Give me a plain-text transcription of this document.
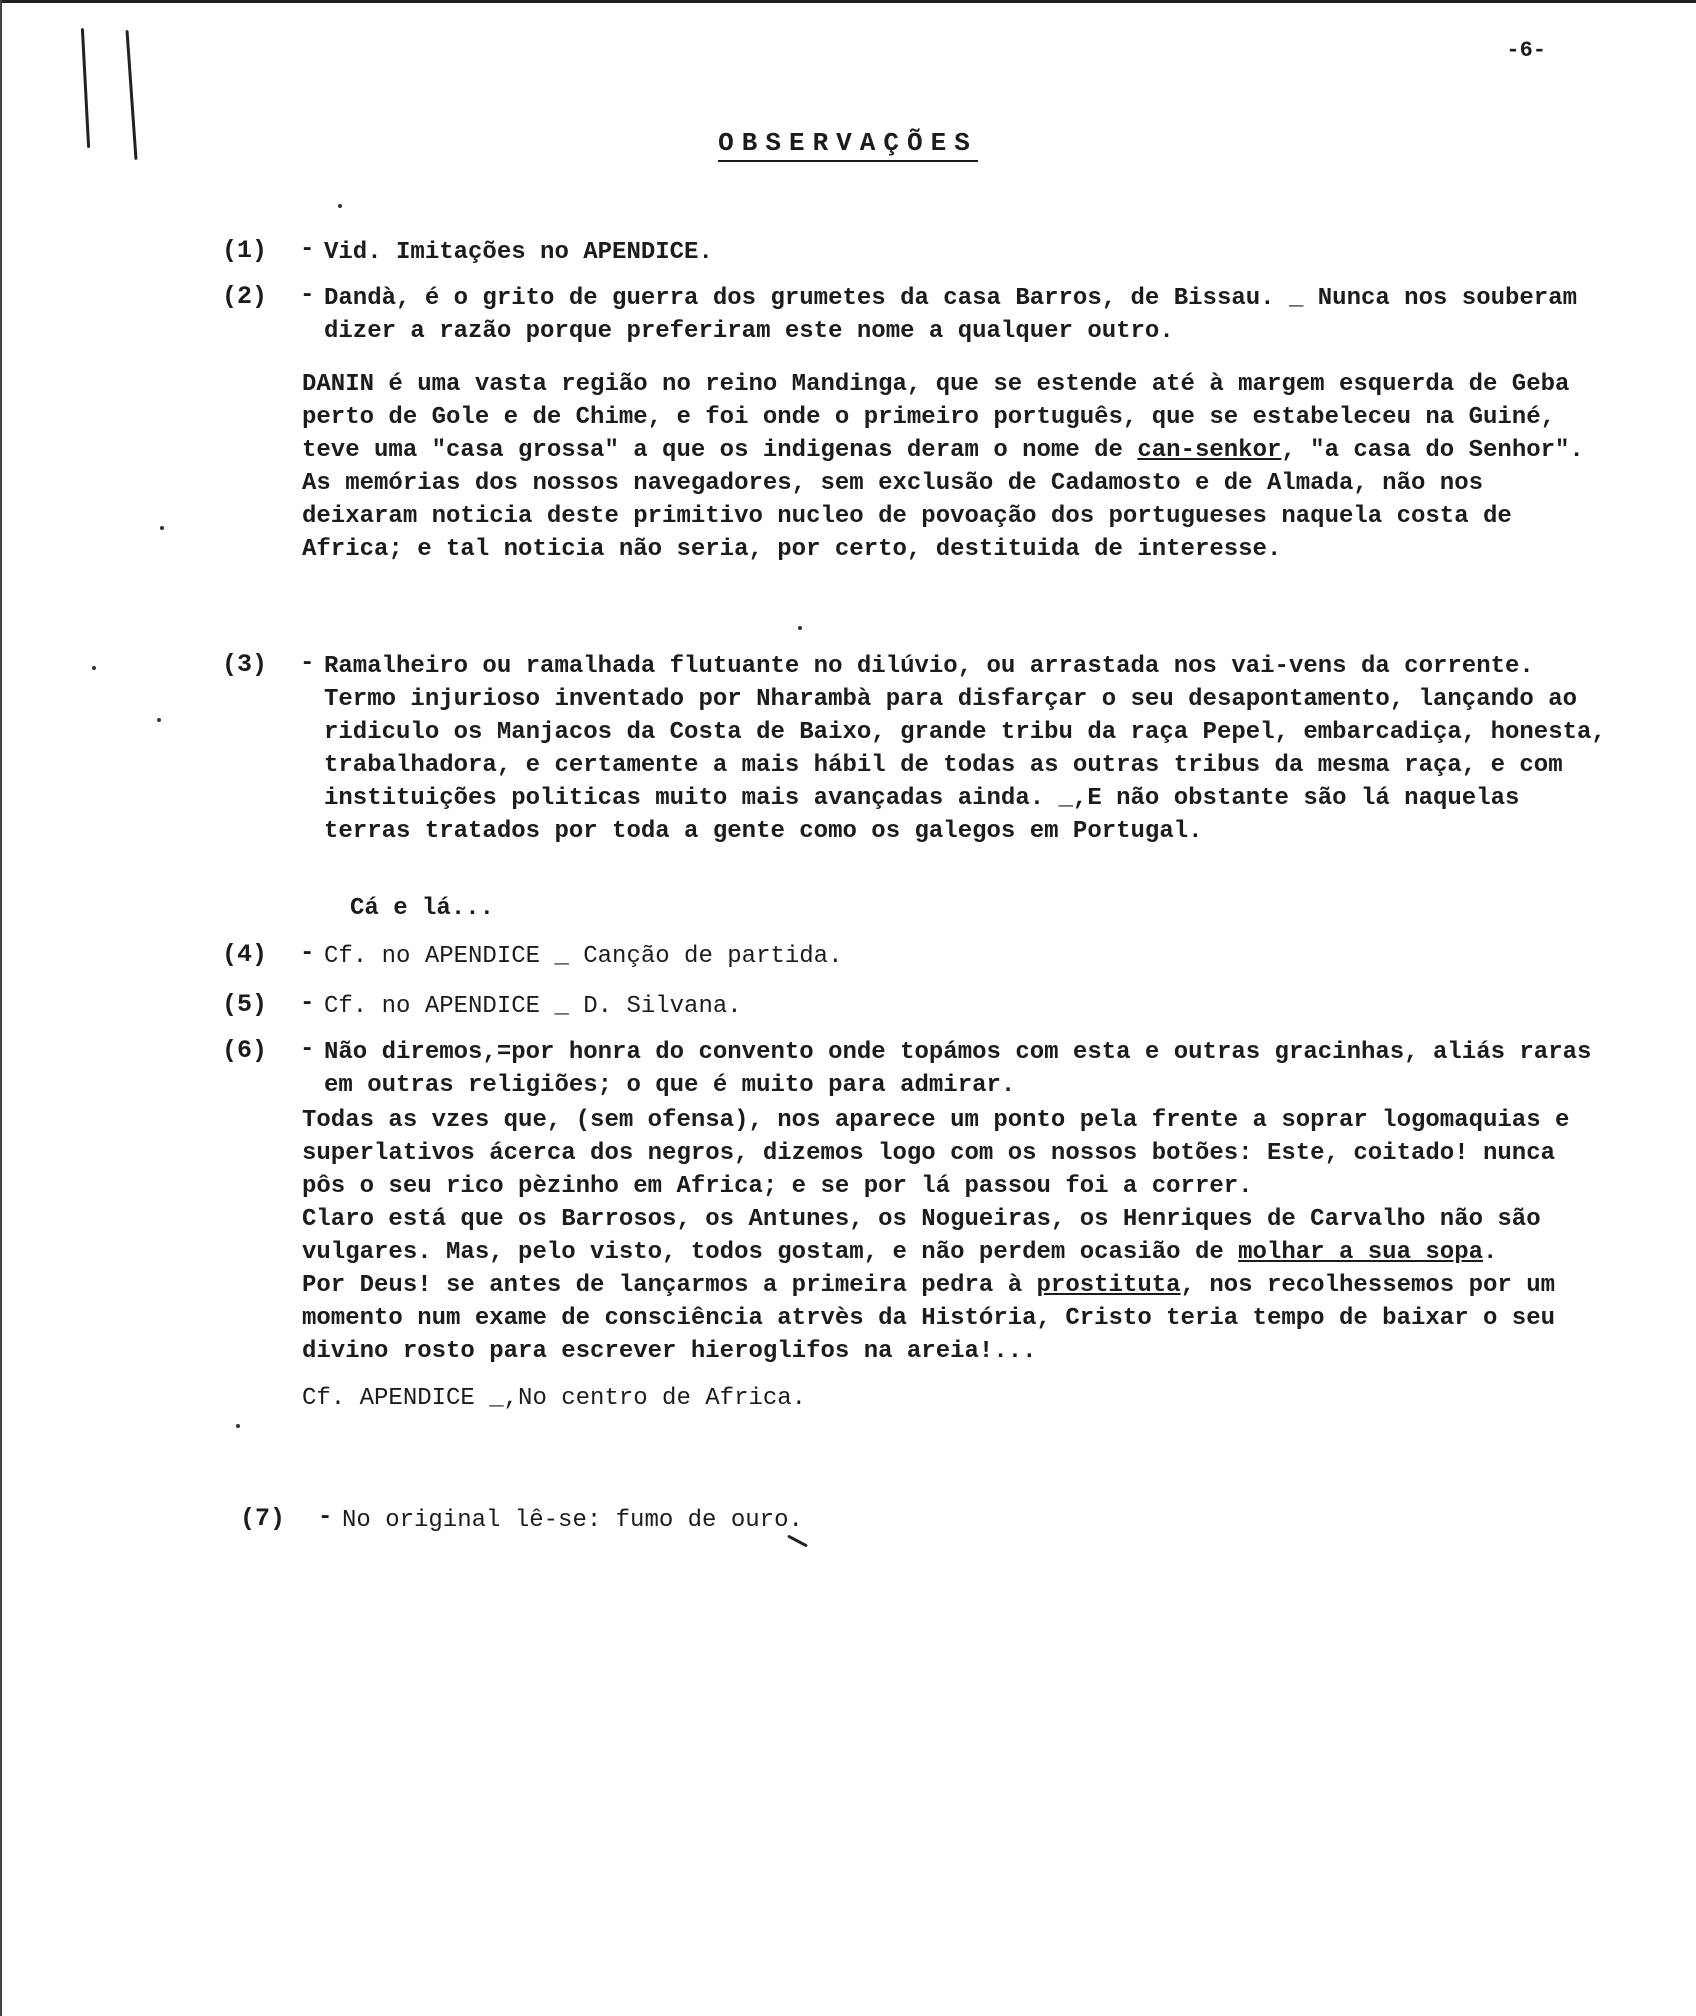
-6-
OBSERVAÇÕES
(1)	- Vid. Imitações no APENDICE.
(2)	- Dandà, é o grito de guerra dos grumetes da casa Barros, de Bissau. _ Nunca nos souberam dizer a razão porque preferiram este nome a qualquer outro.
DANIN é uma vasta região no reino Mandinga, que se estende até à margem esquerda de Geba perto de Gole e de Chime, e foi onde o primeiro português, que se estabeleceu na Guiné, teve uma "casa grossa" a que os indigenas deram o nome de can-senkor, "a casa do Senhor".
As memórias dos nossos navegadores, sem exclusão de Cadamosto e de Almada, não nos deixaram noticia deste primitivo nucleo de povoação dos portugueses naquela costa de Africa; e tal noticia não seria, por certo, destituida de interesse.
(3)	- Ramalheiro ou ramalhada flutuante no dilúvio, ou arrastada nos vai-vens da corrente. Termo injurioso inventado por Nharambà para disfarçar o seu desapontamento, lançando ao ridiculo os Manjacos da Costa de Baixo, grande tribu da raça Pepel, embarcadiça, honesta, trabalhadora, e certamente a mais hábil de todas as outras tribus da mesma raça, e com instituições politicas muito mais avançadas ainda. _,E não obstante são lá naquelas terras tratados por toda a gente como os galegos em Portugal.
Cá e lá...
(4)	- Cf. no APENDICE _ Canção de partida.
(5)	- Cf. no APENDICE _ D. Silvana.
(6)	- Não diremos,=por honra do convento onde topámos com esta e outras gracinhas, aliás raras em outras religiões; o que é muito para admirar.
Todas as vzes que, (sem ofensa), nos aparece um ponto pela frente a soprar logomaquias e superlativos ácerca dos negros, dizemos logo com os nossos botões: Este, coitado! nunca pôs o seu rico pèzinho em Africa; e se por lá passou foi a correr.
Claro está que os Barrosos, os Antunes, os Nogueiras, os Henriques de Carvalho não são vulgares. Mas, pelo visto, todos gostam, e não perdem ocasião de molhar a sua sopa.
Por Deus! se antes de lançarmos a primeira pedra à prostituta, nos recolhessemos por um momento num exame de consciência atrvès da História, Cristo teria tempo de baixar o seu divino rosto para escrever hieroglifos na areia!...
Cf. APENDICE _,No centro de Africa.
(7)	- No original lê-se: fumo de ouro.
